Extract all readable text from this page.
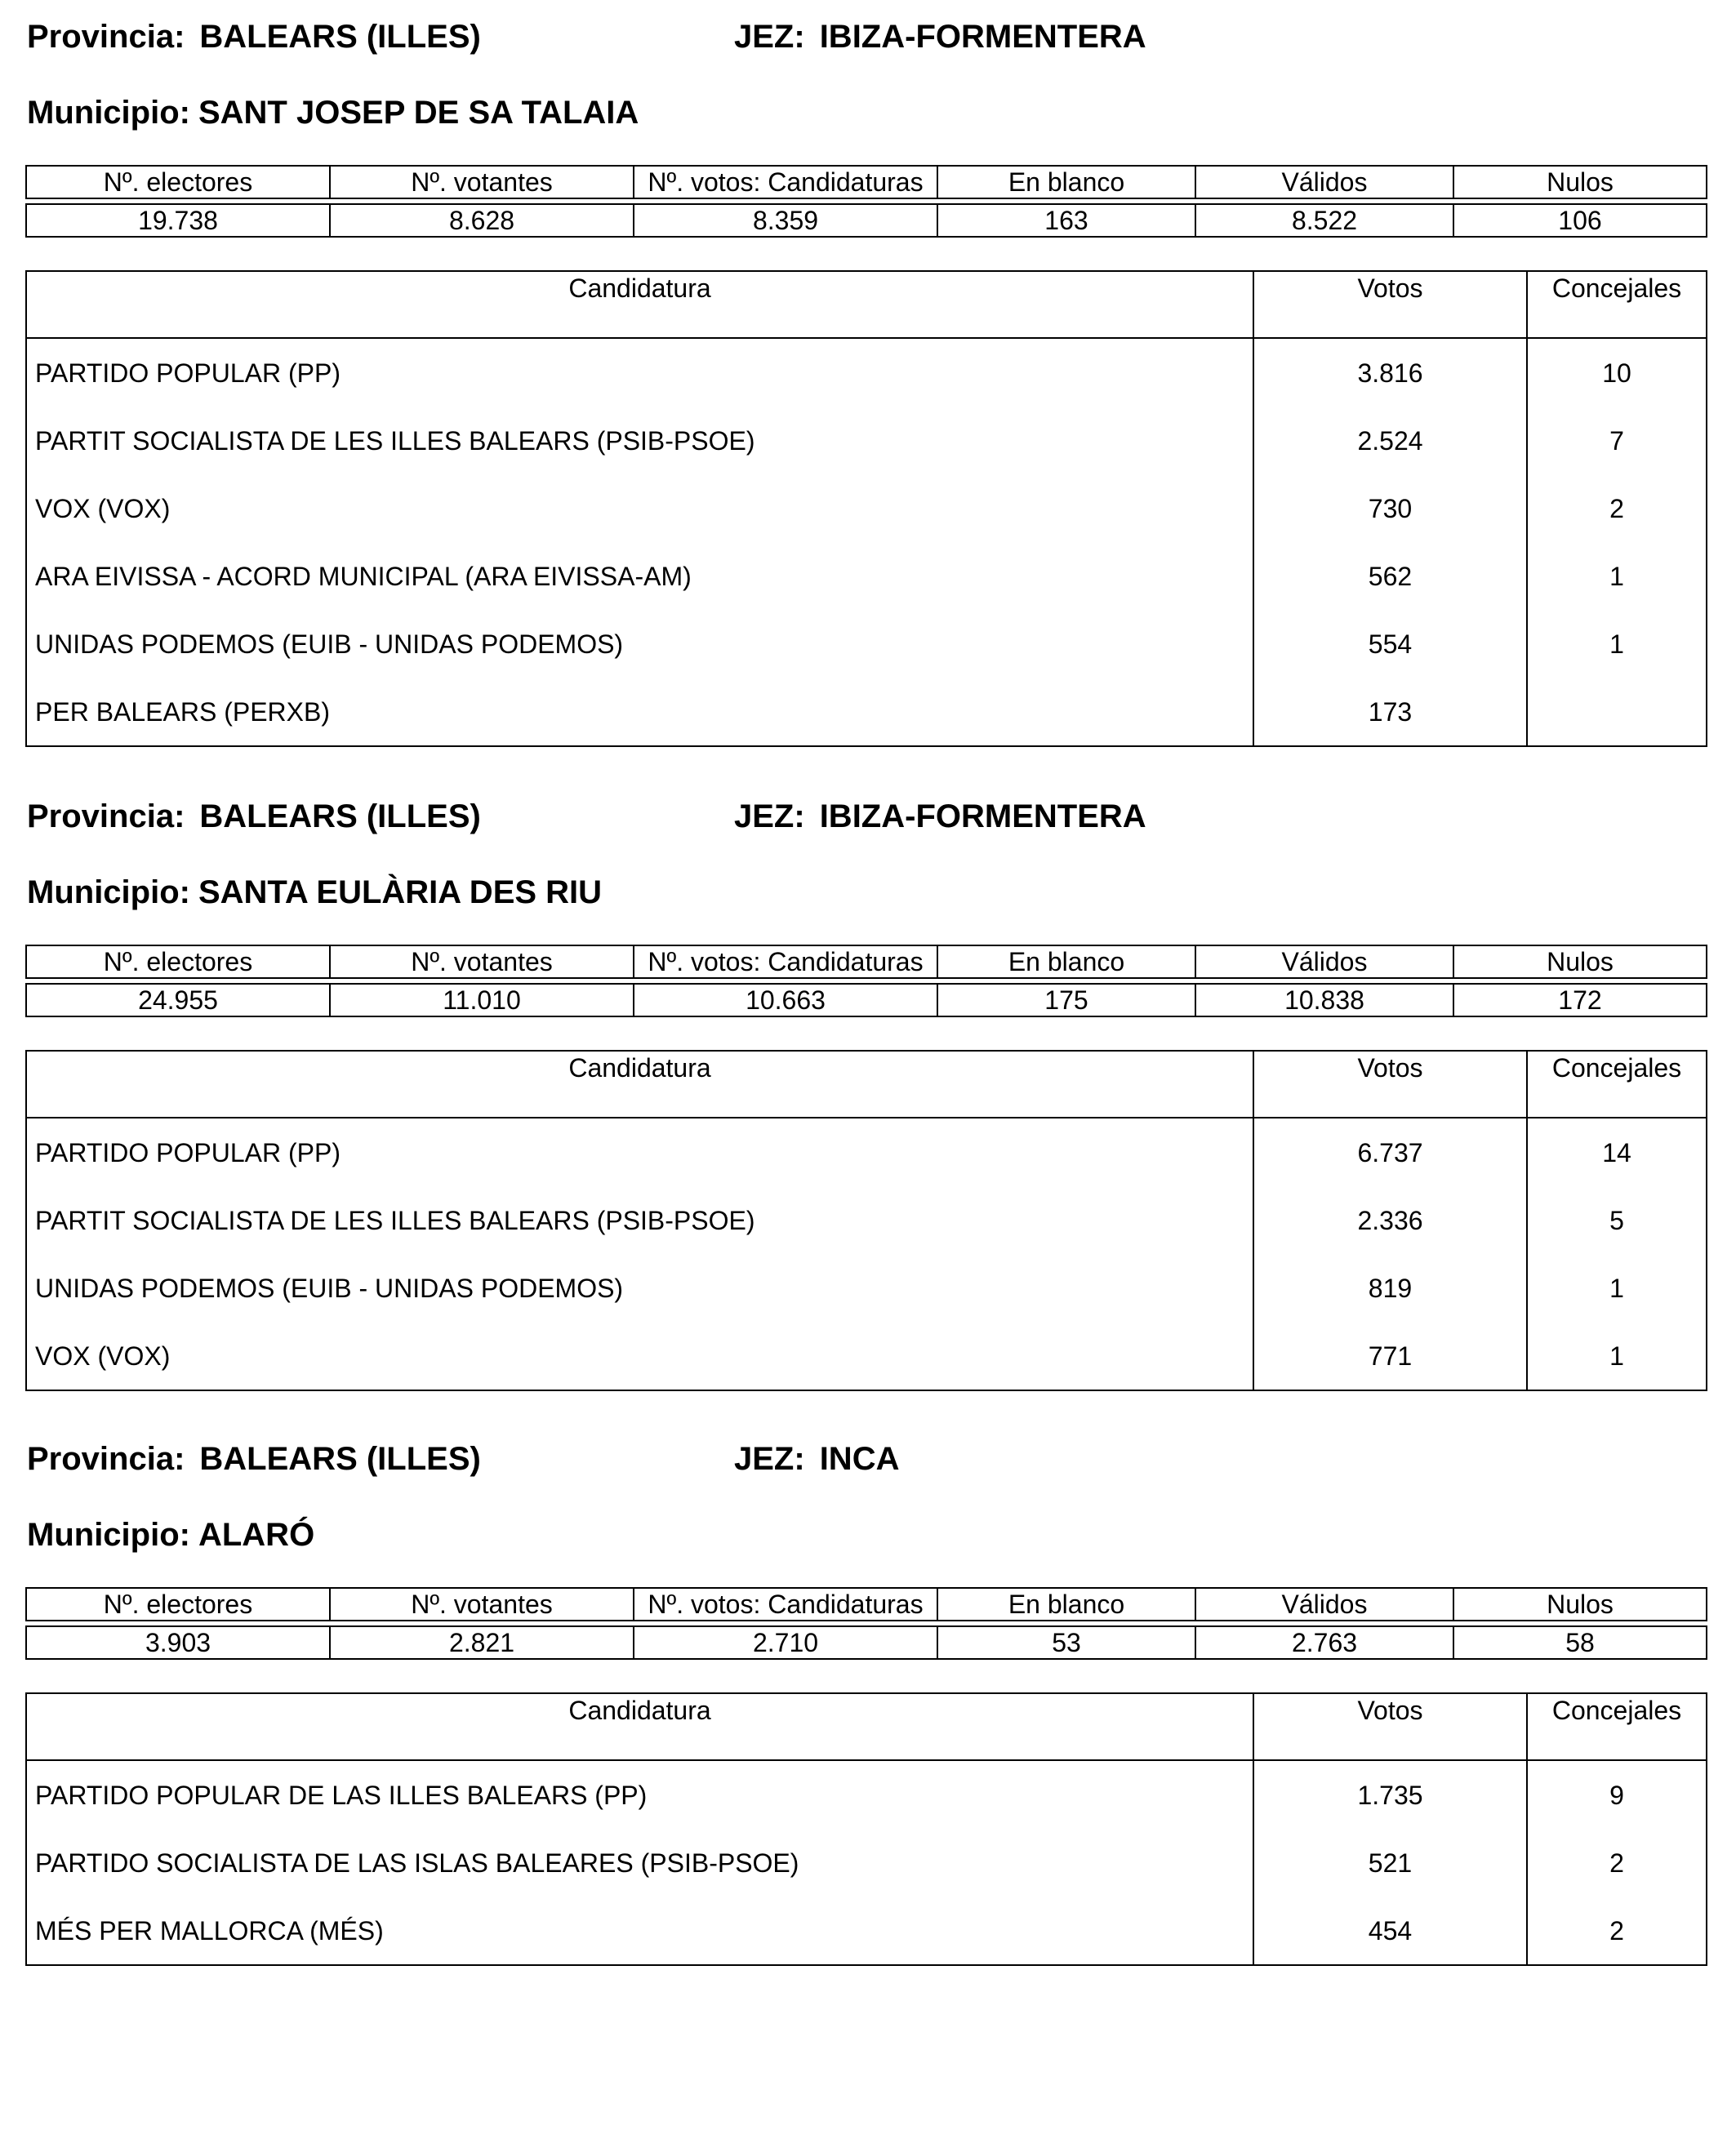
Provincia: BALEARS (ILLES)	JEZ: IBIZA-FORMENTERA
Municipio: SANT JOSEP DE SA TALAIA
Nº. electores	Nº. votantes	Nº. votos: Candidaturas	En blanco	Válidos	Nulos

19.738	8.628	8.359	163	8.522	106
Candidatura	Votos	Concejales
PARTIDO POPULAR (PP)	3.816	10
PARTIT SOCIALISTA DE LES ILLES BALEARS (PSIB-PSOE)	2.524	7
VOX (VOX)	730	2
ARA EIVISSA - ACORD MUNICIPAL (ARA EIVISSA-AM)	562	1
UNIDAS PODEMOS (EUIB - UNIDAS PODEMOS)	554	1
PER BALEARS (PERXB)	173	
Provincia: BALEARS (ILLES)	JEZ: IBIZA-FORMENTERA
Municipio: SANTA EULÀRIA DES RIU
Nº. electores	Nº. votantes	Nº. votos: Candidaturas	En blanco	Válidos	Nulos

24.955	11.010	10.663	175	10.838	172
Candidatura	Votos	Concejales
PARTIDO POPULAR (PP)	6.737	14
PARTIT SOCIALISTA DE LES ILLES BALEARS (PSIB-PSOE)	2.336	5
UNIDAS PODEMOS (EUIB - UNIDAS PODEMOS)	819	1
VOX (VOX)	771	1
Provincia: BALEARS (ILLES)	JEZ: INCA
Municipio: ALARÓ
Nº. electores	Nº. votantes	Nº. votos: Candidaturas	En blanco	Válidos	Nulos

3.903	2.821	2.710	53	2.763	58
Candidatura	Votos	Concejales
PARTIDO POPULAR DE LAS ILLES BALEARS (PP)	1.735	9
PARTIDO SOCIALISTA DE LAS ISLAS BALEARES (PSIB-PSOE)	521	2
MÉS PER MALLORCA (MÉS)	454	2
